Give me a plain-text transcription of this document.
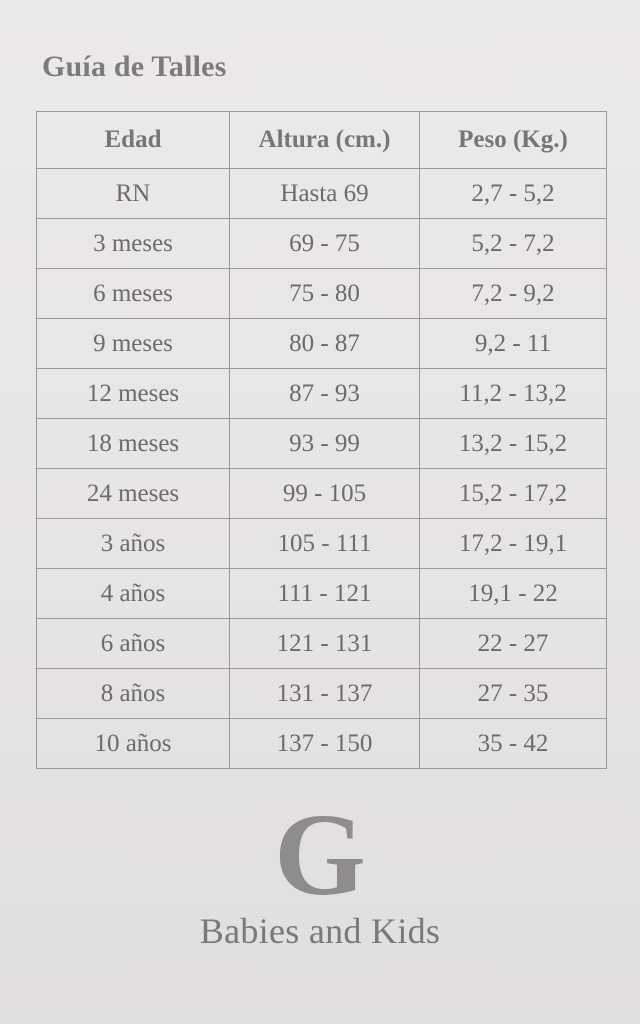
Guía de Talles
Edad	Altura (cm.)	Peso (Kg.)
RN	Hasta 69	2,7 - 5,2
3 meses	69 - 75	5,2 - 7,2
6 meses	75 - 80	7,2 - 9,2
9 meses	80 - 87	9,2 - 11
12 meses	87 - 93	11,2 - 13,2
18 meses	93 - 99	13,2 - 15,2
24 meses	99 - 105	15,2 - 17,2
3 años	105 - 111	17,2 - 19,1
4 años	111 - 121	19,1 - 22
6 años	121 - 131	22 - 27
8 años	131 - 137	27 - 35
10 años	137 - 150	35 - 42
G
Babies and Kids
